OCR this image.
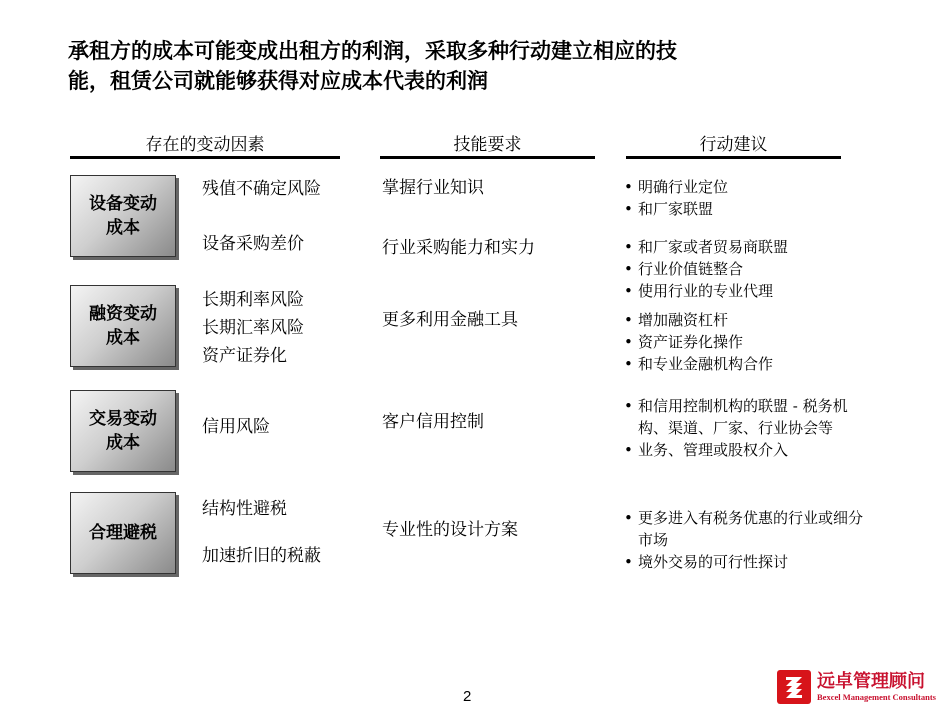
承租方的成本可能变成出租方的利润，采取多种行动建立相应的技
能，租赁公司就能够获得对应成本代表的利润
存在的变动因素	技能要求	行动建议
设备变动
成本
融资变动
成本
交易变动
成本
合理避税
残值不确定风险
设备采购差价
长期利率风险
长期汇率风险
资产证券化
信用风险
结构性避税
加速折旧的税蔽
掌握行业知识
行业采购能力和实力
更多利用金融工具
客户信用控制
专业性的设计方案
• 明确行业定位
• 和厂家联盟
• 和厂家或者贸易商联盟
• 行业价值链整合
• 使用行业的专业代理
• 增加融资杠杆
• 资产证券化操作
• 和专业金融机构合作
• 和信用控制机构的联盟 - 税务机构、渠道、厂家、行业协会等
• 业务、管理或股权介入
• 更多进入有税务优惠的行业或细分市场
• 境外交易的可行性探讨
2
远卓管理顾问
Bexcel Management Consultants
